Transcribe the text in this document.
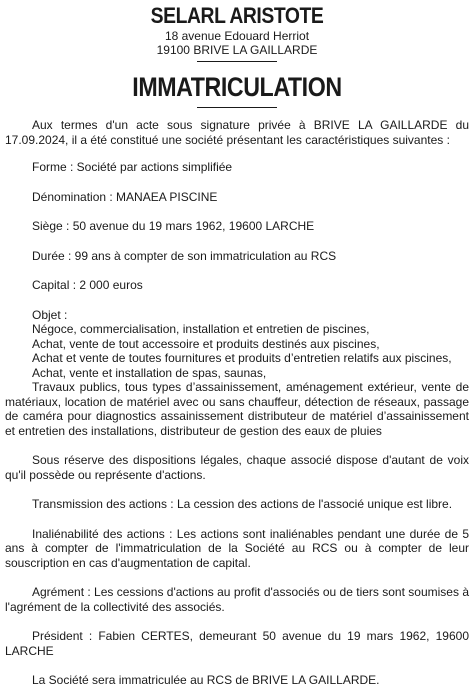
SELARL ARISTOTE
18 avenue Edouard Herriot
19100 BRIVE LA GAILLARDE
IMMATRICULATION

Aux termes d'un acte sous signature privée à BRIVE LA GAILLARDE du 17.09.2024, il a été constitué une société présentant les caractéristiques suivantes :

Forme : Société par actions simplifiée

Dénomination : MANAEA PISCINE

Siège : 50 avenue du 19 mars 1962, 19600 LARCHE

Durée : 99 ans à compter de son immatriculation au RCS

Capital : 2 000 euros

Objet :

Négoce, commercialisation, installation et entretien de piscines,

Achat, vente de tout accessoire et produits destinés aux piscines,

Achat et vente de toutes fournitures et produits d’entretien relatifs aux piscines,

Achat, vente et installation de spas, saunas,

Travaux publics, tous types d’assainissement, aménagement extérieur, vente de matériaux, location de matériel avec ou sans chauffeur, détection de réseaux, passage de caméra pour diagnostics assainissement distributeur de matériel d’assainissement et entretien des installations, distributeur de gestion des eaux de pluies

Sous réserve des dispositions légales, chaque associé dispose d'autant de voix qu'il possède ou représente d'actions.

Transmission des actions : La cession des actions de l'associé unique est libre.

Inaliénabilité des actions : Les actions sont inaliénables pendant une durée de 5 ans à compter de l'immatriculation de la Société au RCS ou à compter de leur souscription en cas d'augmentation de capital.

Agrément : Les cessions d'actions au profit d'associés ou de tiers sont soumises à l'agrément de la collectivité des associés.

Président : Fabien CERTES, demeurant 50 avenue du 19 mars 1962, 19600 LARCHE

La Société sera immatriculée au RCS de BRIVE LA GAILLARDE.
